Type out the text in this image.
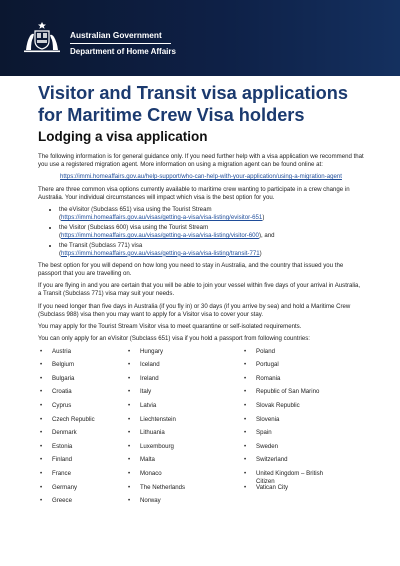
Australian Government
Department of Home Affairs
Visitor and Transit visa applications for Maritime Crew Visa holders
Lodging a visa application

The following information is for general guidance only. If you need further help with a visa application we recommend that you use a registered migration agent. More information on using a migration agent can be found online at:

https://immi.homeaffairs.gov.au/help-support/who-can-help-with-your-application/using-a-migration-agent

There are three common visa options currently available to maritime crew wanting to participate in a crew change in Australia. Your individual circumstances will impact which visa is the best option for you.

• the eVisitor (Subclass 651) visa using the Tourist Stream
(https://immi.homeaffairs.gov.au/visas/getting-a-visa/visa-listing/evisitor-651)
• the Visitor (Subclass 600) visa using the Tourist Stream
(https://immi.homeaffairs.gov.au/visas/getting-a-visa/visa-listing/visitor-600), and
• the Transit (Subclass 771) visa
(https://immi.homeaffairs.gov.au/visas/getting-a-visa/visa-listing/transit-771)

The best option for you will depend on how long you need to stay in Australia, and the country that issued you the passport that you are travelling on.

If you are flying in and you are certain that you will be able to join your vessel within five days of your arrival in Australia, a Transit (Subclass 771) visa may suit your needs.

If you need longer than five days in Australia (if you fly in) or 30 days (if you arrive by sea) and hold a Maritime Crew (Subclass 988) visa then you may want to apply for a Visitor visa to cover your stay.

You may apply for the Tourist Stream Visitor visa to meet quarantine or self-isolated requirements.

You can only apply for an eVisitor (Subclass 651) visa if you hold a passport from following countries:

• Austria
• Belgium
• Bulgaria
• Croatia
• Cyprus
• Czech Republic
• Denmark
• Estonia
• Finland
• France
• Germany
• Greece
• Hungary
• Iceland
• Ireland
• Italy
• Latvia
• Liechtenstein
• Lithuania
• Luxembourg
• Malta
• Monaco
• The Netherlands
• Norway
• Poland
• Portugal
• Romania
• Republic of San Marino
• Slovak Republic
• Slovenia
• Spain
• Sweden
• Switzerland
• United Kingdom – British Citizen
• Vatican City
